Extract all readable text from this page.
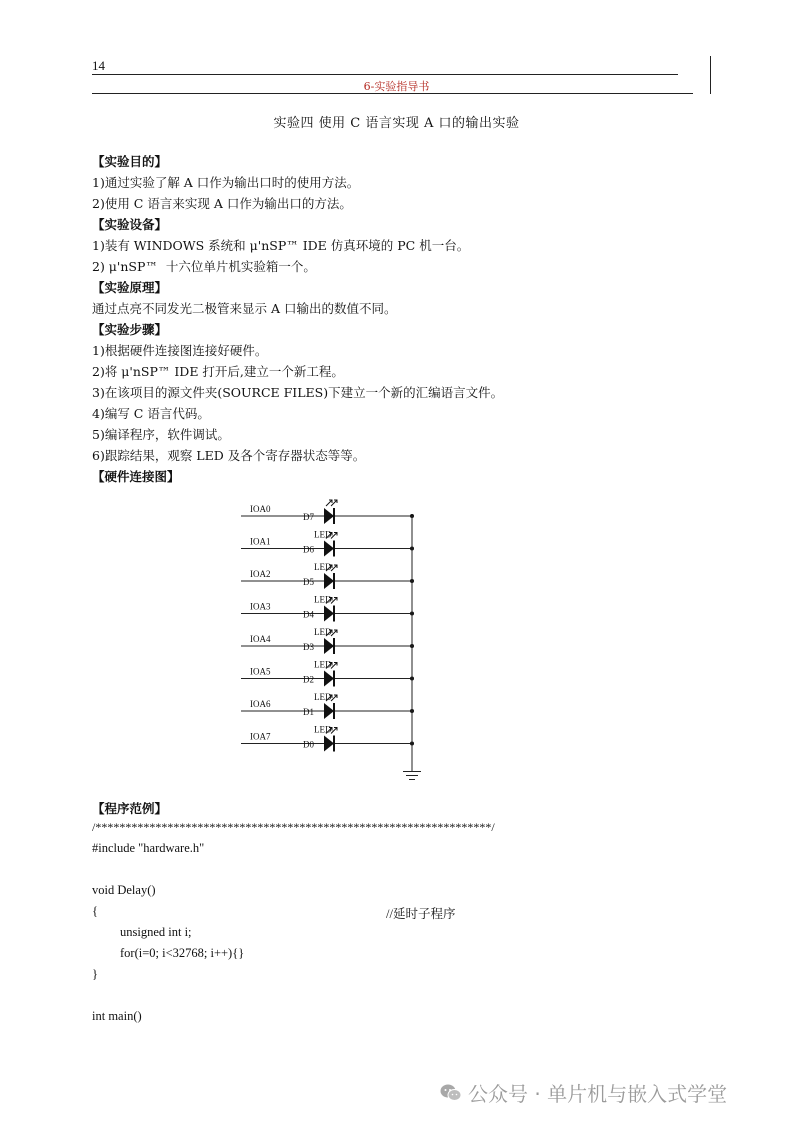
14
6-实验指导书
实验四 使用 C 语言实现 A 口的输出实验
【实验目的】
1)通过实验了解 A 口作为输出口时的使用方法。
2)使用 C 语言来实现 A 口作为输出口的方法。
【实验设备】
1)装有 WINDOWS 系统和 μ'nSP™ IDE 仿真环境的 PC 机一台。
2) μ'nSP™  十六位单片机实验箱一个。
【实验原理】
通过点亮不同发光二极管来显示 A 口输出的数值不同。
【实验步骤】
1)根据硬件连接图连接好硬件。
2)将 μ'nSP™ IDE 打开后,建立一个新工程。
3)在该项目的源文件夹(SOURCE FILES)下建立一个新的汇编语言文件。
4)编写 C 语言代码。
5)编译程序，软件调试。
6)跟踪结果，观察 LED 及各个寄存器状态等等。
【硬件连接图】
IOA0
D7
IOA1
D6
LED
IOA2
D5
LED
IOA3
D4
LED
IOA4
D3
LED
IOA5
D2
LED
IOA6
D1
LED
IOA7
D0
LED
【程序范例】
/******************************************************************/
#include "hardware.h"
void Delay()
{	//延时子程序
unsigned int i;
for(i=0; i<32768; i++){}
}
int main()
公众号 · 单片机与嵌入式学堂
